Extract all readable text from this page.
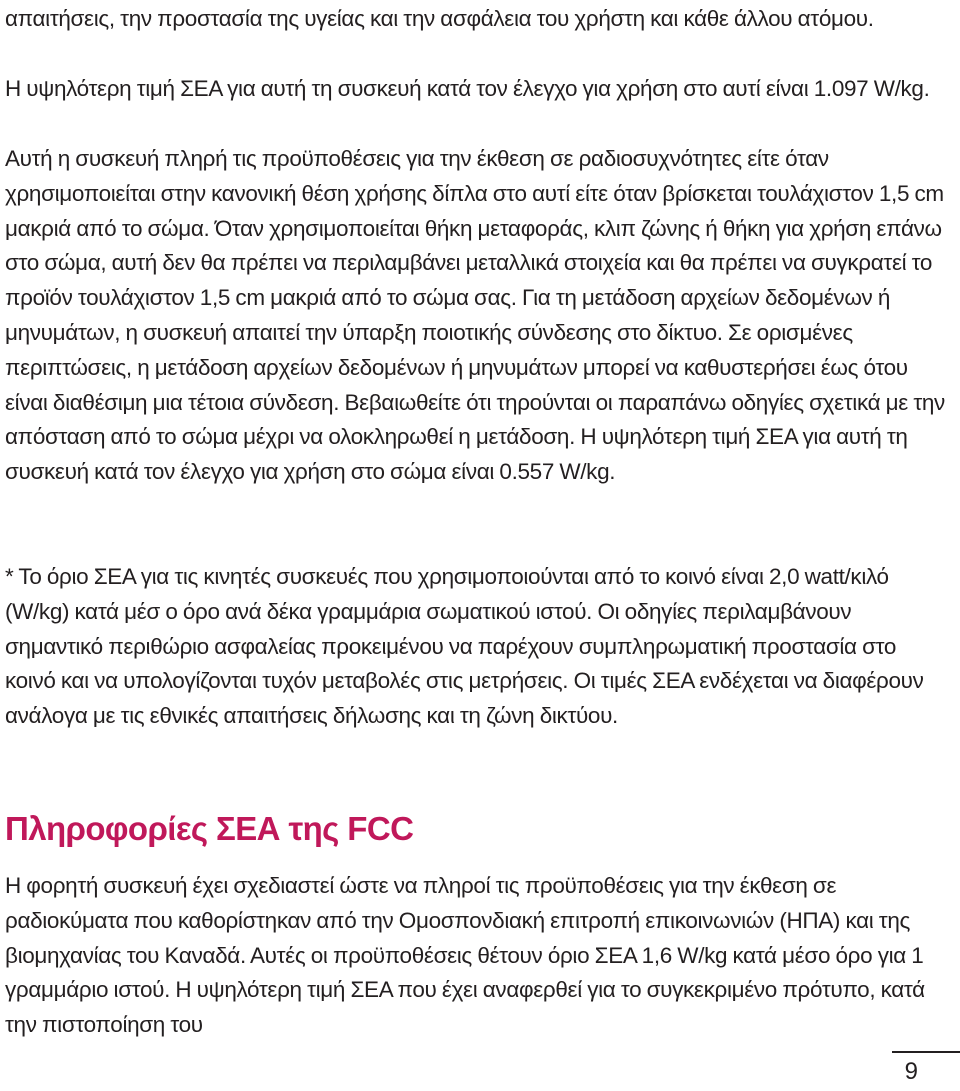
απαιτήσεις, την προστασία της υγείας και την ασφάλεια του χρήστη και κάθε άλλου ατόμου.

Η υψηλότερη τιμή ΣΕΑ για αυτή τη συσκευή κατά τον έλεγχο για χρήση στο αυτί είναι 1.097 W/kg.

Αυτή η συσκευή πληρή τις προϋποθέσεις για την έκθεση σε ραδιοσυχνότητες είτε όταν χρησιμοποιείται στην κανονική θέση χρήσης δίπλα στο αυτί είτε όταν βρίσκεται τουλάχιστον 1,5 cm μακριά από το σώμα. Όταν χρησιμοποιείται θήκη μεταφοράς, κλιπ ζώνης ή θήκη για χρήση επάνω στο σώμα, αυτή δεν θα πρέπει να περιλαμβάνει μεταλλικά στοιχεία και θα πρέπει να συγκρατεί το προϊόν τουλάχιστον 1,5 cm μακριά από το σώμα σας. Για τη μετάδοση αρχείων δεδομένων ή μηνυμάτων, η συσκευή απαιτεί την ύπαρξη ποιοτικής σύνδεσης στο δίκτυο. Σε ορισμένες περιπτώσεις, η μετάδοση αρχείων δεδομένων ή μηνυμάτων μπορεί να καθυστερήσει έως ότου είναι διαθέσιμη μια τέτοια σύνδεση. Βεβαιωθείτε ότι τηρούνται οι παραπάνω οδηγίες σχετικά με την απόσταση από το σώμα μέχρι να ολοκληρωθεί η μετάδοση. Η υψηλότερη τιμή ΣΕΑ για αυτή τη συσκευή κατά τον έλεγχο για χρήση στο σώμα είναι 0.557 W/kg.

* Το όριο ΣΕΑ για τις κινητές συσκευές που χρησιμοποιούνται από το κοινό είναι 2,0 watt/κιλό (W/kg) κατά μέσ ο όρο ανά δέκα γραμμάρια σωματικού ιστού. Οι οδηγίες περιλαμβάνουν σημαντικό περιθώριο ασφαλείας προκειμένου να παρέχουν συμπληρωματική προστασία στο κοινό και να υπολογίζονται τυχόν μεταβολές στις μετρήσεις. Οι τιμές ΣΕΑ ενδέχεται να διαφέρουν ανάλογα με τις εθνικές απαιτήσεις δήλωσης και τη ζώνη δικτύου.

Πληροφορίες ΣΕΑ της FCC

Η φορητή συσκευή έχει σχεδιαστεί ώστε να πληροί τις προϋποθέσεις για την έκθεση σε ραδιοκύματα που καθορίστηκαν από την Ομοσπονδιακή επιτροπή επικοινωνιών (ΗΠΑ) και της βιομηχανίας του Καναδά. Αυτές οι προϋποθέσεις θέτουν όριο ΣΕΑ 1,6 W/kg κατά μέσο όρο για 1 γραμμάριο ιστού. Η υψηλότερη τιμή ΣΕΑ που έχει αναφερθεί για το συγκεκριμένο πρότυπο, κατά την πιστοποίηση του

9
